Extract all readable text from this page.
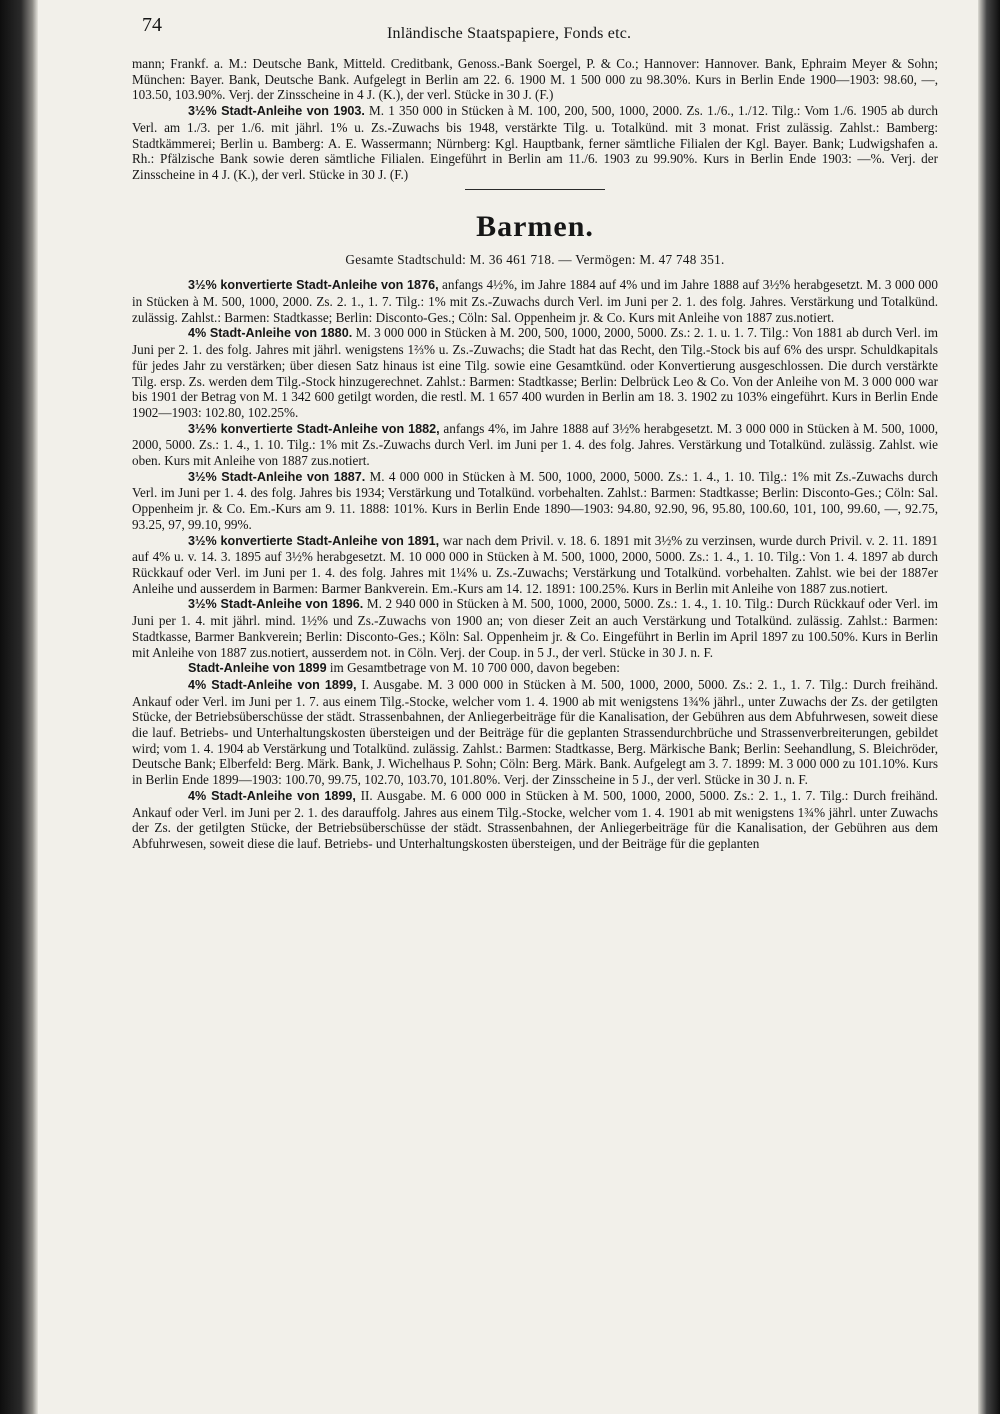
74	Inländische Staatspapiere, Fonds etc.

mann; Frankf. a. M.: Deutsche Bank, Mitteld. Creditbank, Genoss.-Bank Soergel, P. & Co.; Hannover: Hannover. Bank, Ephraim Meyer & Sohn; München: Bayer. Bank, Deutsche Bank. Aufgelegt in Berlin am 22. 6. 1900 M. 1 500 000 zu 98.30%. Kurs in Berlin Ende 1900—1903: 98.60, —, 103.50, 103.90%. Verj. der Zinsscheine in 4 J. (K.), der verl. Stücke in 30 J. (F.)

3½% Stadt-Anleihe von 1903. M. 1 350 000 in Stücken à M. 100, 200, 500, 1000, 2000. Zs. 1./6., 1./12. Tilg.: Vom 1./6. 1905 ab durch Verl. am 1./3. per 1./6. mit jährl. 1% u. Zs.-Zuwachs bis 1948, verstärkte Tilg. u. Totalkünd. mit 3 monat. Frist zulässig. Zahlst.: Bamberg: Stadtkämmerei; Berlin u. Bamberg: A. E. Wassermann; Nürnberg: Kgl. Hauptbank, ferner sämtliche Filialen der Kgl. Bayer. Bank; Ludwigshafen a. Rh.: Pfälzische Bank sowie deren sämtliche Filialen. Eingeführt in Berlin am 11./6. 1903 zu 99.90%. Kurs in Berlin Ende 1903: —%. Verj. der Zinsscheine in 4 J. (K.), der verl. Stücke in 30 J. (F.)

Barmen.
Gesamte Stadtschuld: M. 36 461 718. — Vermögen: M. 47 748 351.

3½% konvertierte Stadt-Anleihe von 1876, anfangs 4½%, im Jahre 1884 auf 4% und im Jahre 1888 auf 3½% herabgesetzt. M. 3 000 000 in Stücken à M. 500, 1000, 2000. Zs. 2. 1., 1. 7. Tilg.: 1% mit Zs.-Zuwachs durch Verl. im Juni per 2. 1. des folg. Jahres. Verstärkung und Totalkünd. zulässig. Zahlst.: Barmen: Stadtkasse; Berlin: Disconto-Ges.; Cöln: Sal. Oppenheim jr. & Co. Kurs mit Anleihe von 1887 zus.notiert.

4% Stadt-Anleihe von 1880. M. 3 000 000 in Stücken à M. 200, 500, 1000, 2000, 5000. Zs.: 2. 1. u. 1. 7. Tilg.: Von 1881 ab durch Verl. im Juni per 2. 1. des folg. Jahres mit jährl. wenigstens 1⅔% u. Zs.-Zuwachs; die Stadt hat das Recht, den Tilg.-Stock bis auf 6% des urspr. Schuldkapitals für jedes Jahr zu verstärken; über diesen Satz hinaus ist eine Tilg. sowie eine Gesamtkünd. oder Konvertierung ausgeschlossen. Die durch verstärkte Tilg. ersp. Zs. werden dem Tilg.-Stock hinzugerechnet. Zahlst.: Barmen: Stadtkasse; Berlin: Delbrück Leo & Co. Von der Anleihe von M. 3 000 000 war bis 1901 der Betrag von M. 1 342 600 getilgt worden, die restl. M. 1 657 400 wurden in Berlin am 18. 3. 1902 zu 103% eingeführt. Kurs in Berlin Ende 1902—1903: 102.80, 102.25%.

3½% konvertierte Stadt-Anleihe von 1882, anfangs 4%, im Jahre 1888 auf 3½% herabgesetzt. M. 3 000 000 in Stücken à M. 500, 1000, 2000, 5000. Zs.: 1. 4., 1. 10. Tilg.: 1% mit Zs.-Zuwachs durch Verl. im Juni per 1. 4. des folg. Jahres. Verstärkung und Totalkünd. zulässig. Zahlst. wie oben. Kurs mit Anleihe von 1887 zus.notiert.

3½% Stadt-Anleihe von 1887. M. 4 000 000 in Stücken à M. 500, 1000, 2000, 5000. Zs.: 1. 4., 1. 10. Tilg.: 1% mit Zs.-Zuwachs durch Verl. im Juni per 1. 4. des folg. Jahres bis 1934; Verstärkung und Totalkünd. vorbehalten. Zahlst.: Barmen: Stadtkasse; Berlin: Disconto-Ges.; Cöln: Sal. Oppenheim jr. & Co. Em.-Kurs am 9. 11. 1888: 101%. Kurs in Berlin Ende 1890—1903: 94.80, 92.90, 96, 95.80, 100.60, 101, 100, 99.60, —, 92.75, 93.25, 97, 99.10, 99%.

3½% konvertierte Stadt-Anleihe von 1891, war nach dem Privil. v. 18. 6. 1891 mit 3½% zu verzinsen, wurde durch Privil. v. 2. 11. 1891 auf 4% u. v. 14. 3. 1895 auf 3½% herabgesetzt. M. 10 000 000 in Stücken à M. 500, 1000, 2000, 5000. Zs.: 1. 4., 1. 10. Tilg.: Von 1. 4. 1897 ab durch Rückkauf oder Verl. im Juni per 1. 4. des folg. Jahres mit 1¼% u. Zs.-Zuwachs; Verstärkung und Totalkünd. vorbehalten. Zahlst. wie bei der 1887er Anleihe und ausserdem in Barmen: Barmer Bankverein. Em.-Kurs am 14. 12. 1891: 100.25%. Kurs in Berlin mit Anleihe von 1887 zus.notiert.

3½% Stadt-Anleihe von 1896. M. 2 940 000 in Stücken à M. 500, 1000, 2000, 5000. Zs.: 1. 4., 1. 10. Tilg.: Durch Rückkauf oder Verl. im Juni per 1. 4. mit jährl. mind. 1½% und Zs.-Zuwachs von 1900 an; von dieser Zeit an auch Verstärkung und Totalkünd. zulässig. Zahlst.: Barmen: Stadtkasse, Barmer Bankverein; Berlin: Disconto-Ges.; Köln: Sal. Oppenheim jr. & Co. Eingeführt in Berlin im April 1897 zu 100.50%. Kurs in Berlin mit Anleihe von 1887 zus.notiert, ausserdem not. in Cöln. Verj. der Coup. in 5 J., der verl. Stücke in 30 J. n. F.

Stadt-Anleihe von 1899 im Gesamtbetrage von M. 10 700 000, davon begeben:

4% Stadt-Anleihe von 1899, I. Ausgabe. M. 3 000 000 in Stücken à M. 500, 1000, 2000, 5000. Zs.: 2. 1., 1. 7. Tilg.: Durch freihänd. Ankauf oder Verl. im Juni per 1. 7. aus einem Tilg.-Stocke, welcher vom 1. 4. 1900 ab mit wenigstens 1¾% jährl., unter Zuwachs der Zs. der getilgten Stücke, der Betriebsüberschüsse der städt. Strassenbahnen, der Anliegerbeiträge für die Kanalisation, der Gebühren aus dem Abfuhrwesen, soweit diese die lauf. Betriebs- und Unterhaltungskosten übersteigen und der Beiträge für die geplanten Strassendurchbrüche und Strassenverbreiterungen, gebildet wird; vom 1. 4. 1904 ab Verstärkung und Totalkünd. zulässig. Zahlst.: Barmen: Stadtkasse, Berg. Märkische Bank; Berlin: Seehandlung, S. Bleichröder, Deutsche Bank; Elberfeld: Berg. Märk. Bank, J. Wichelhaus P. Sohn; Cöln: Berg. Märk. Bank. Aufgelegt am 3. 7. 1899: M. 3 000 000 zu 101.10%. Kurs in Berlin Ende 1899—1903: 100.70, 99.75, 102.70, 103.70, 101.80%. Verj. der Zinsscheine in 5 J., der verl. Stücke in 30 J. n. F.

4% Stadt-Anleihe von 1899, II. Ausgabe. M. 6 000 000 in Stücken à M. 500, 1000, 2000, 5000. Zs.: 2. 1., 1. 7. Tilg.: Durch freihänd. Ankauf oder Verl. im Juni per 2. 1. des darauffolg. Jahres aus einem Tilg.-Stocke, welcher vom 1. 4. 1901 ab mit wenigstens 1¾% jährl. unter Zuwachs der Zs. der getilgten Stücke, der Betriebsüberschüsse der städt. Strassenbahnen, der Anliegerbeiträge für die Kanalisation, der Gebühren aus dem Abfuhrwesen, soweit diese die lauf. Betriebs- und Unterhaltungskosten übersteigen, und der Beiträge für die geplanten
